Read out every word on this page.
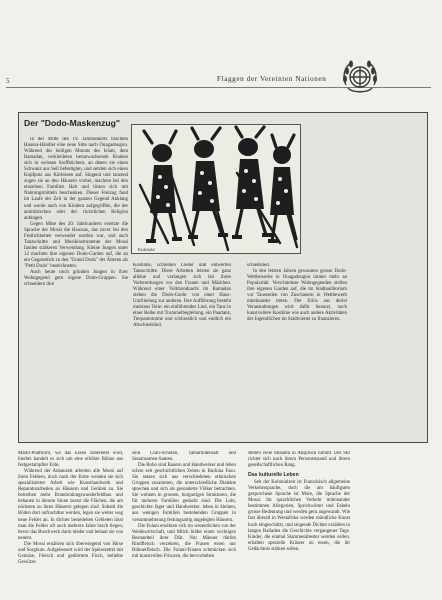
5	Flaggen der Vereinten Nationen
Der "Dodo-Maskenzug"
Kirkfield

In der Mitte des 19. Jahrhunderts brachten Haussa-Händler eine neue Sitte nach Ouagadougou. Während des heiligen Monats des Islam, dem Ramadan, verkleideten heranwachsende Knaben sich in weissen Stoffhüchern, an denen sie einen Schwanz aus Seil befestigten, und setzten sich einen Kopfputz aus Kürbissen auf. Singend und tanzend zogen sie an den Häusern vorbei, machten bei den einzelnen Familien Halt und lösten sich mit Nahrungsmitteln beschenken. Dieser Freizug fand im Laufe der Zeit in der ganzen Gegend Anklang und wurde auch von Kindern aufgegriffen, die der animistischen oder der christlichen Religion anhingen.

Gegen Mitte des 20. Jahrhunderts ersetzte die Sprache der Mossi die Haussas, das zuvor bei den Festlichkeiten verwendet worden war, und auch Tanzschritte und Musikinstrumente der Mossi fanden stärkeren Verwendung. Kleine Jungen unter 12 machten ihre eigenen Dodo-Garden auf, die an ein Gegenstück zu den "Grand Dodo" der Älteren als "Petit Dodo" bezeichneten.

Auch heute noch gründen Jungen in ihrer Wohngegend gern eigene Dodo-Gruppen. Sie schneidern ihre

Kostüme, schreiben Lieder und entwerfen Tanzschritte. Diese Arbeiten leisten sie ganz alleine und verlangen sich bei ihren Vorbereitungen vor den Frauen und Mädchen. Während einer Vollmondnacht im Ramadan ziehen die Dodo-Garde von einer Haus-Umfriedung zur anderen. Ihre Aufführung besteht meistens Teile: ein einführendes Lied, ein Tanz in einer Reihe mit Trommelbegleitung, ein Paartanz, Tierpantomime und schliesslich und endlich ein Abschiedslied.

schiedslied.

In den letzten Jahren gewannen grosse Dodo-Wettbewerbe in Ouagadougou immer mehr an Popularität. Verschiedene Wohngegenden stellen ihre eigenen Garden auf, die im Stadtauditorium vor Tausenden von Zuschauern in Wettbewerb miteinander treten. Der Erlös aus derlei Veranstaltungen wird dafür benutzt, noch kunstvollere Kostüme wie auch andere Aktivitäten der Jugendlichen im Stadtviertel zu finanzieren.

Markt-Plattform, wo das Essen zubereitet wird, hierbei handelt es sich um eine erhöhte Bühne aus festgestampfter Erde.

Während der Anbauzeit arbeiten alle Mossi auf ihren Feldern, doch nach der Ernte wenden sie sich spezialisierter Arbeit wie Kunsthandwerk und Reparaturarbeiten an Häusern und Geräten zu. Sie betreiben mehr Brandrodungswanderfeldbau und behauen in diesem Sinne zuerst die Flächen, die am nächsten zu ihren Häusern gelegen sind. Sobald die Böden dort unfruchtbar werden, legen sie weiter weg neue Felder an. In dichter besiedelten Gebieten lässt man die Felder oft auch mehrere Jahre brach liegen, bevor das Buschwerk darin nieder und behaut sie von neuem.

Die Mossi ernähren sich überwiegend von Hirse und Sorghum. Aufgebessert wird der Speisezettel mit Gemüse, Fleisch und gedörrtem Fisch, beliebte Gewürze

sind Chili-Schoten, Tamarindensaft und Sesamsamen-Samen.

Die Bobo sind Bauern und Handwerker und leben schon seit geschichtlichen Zeiten in Burkina Faso. Sie setzen sich aus verschiedenen ethnischen Gruppen zusammen, die unterschiedliche Dialekte sprechen und sich als gesonderte Völker betrachten. Sie wohnen in grossen, burgartigen Strukturen, die für mehrere Familien gedacht sind. Die Lobi, geschickte Jäger und Handwerker, leben in kleinen, aus wenigen Familien bestehenden Gruppen in versammelterung festungsartig angelegten Häusern.

Die Fulani ernähren sich im wesentlichen von der Weidewirtschaft, und Milch bildet einen wichtigen Bestandteil ihrer Diät. Nur Männer dürfen Rindfleisch verzehren, die Frauen essen nur Hühnerfleisch. Die Fulani-Frauen schmücken sich mit kunstvollen Frisuren, die hervorheben

stellen viele Stunden in Anspruch nimmt. Der Stil richtet sich nach ihrem Personenstand und ihrem gesellschaftlichen Rang.

Das kulturelle Leben

Seit der Kolonialzeit ist Französisch allgemeine Verkehrssprache, doch die am häufigsten gesprochene Sprache ist More, die Sprache der Mossi. Im sprachlichen Verkehr miteinander bestimmen Allegorien, Sprichwörter und Fabeln grosse Bedeutung und werden gern angewandt. Wie fast überall in Westafrika werden mündliche Kunst hoch eingeschätzt, und singende Dichter erzählen in langen Balladen die Geschichte vergangener Tage. Kinder, die einmal Stammesältester werden sollen, erhalten spezielle Kräuter zu essen, die ihr Gedächtnis stärken sollen.
